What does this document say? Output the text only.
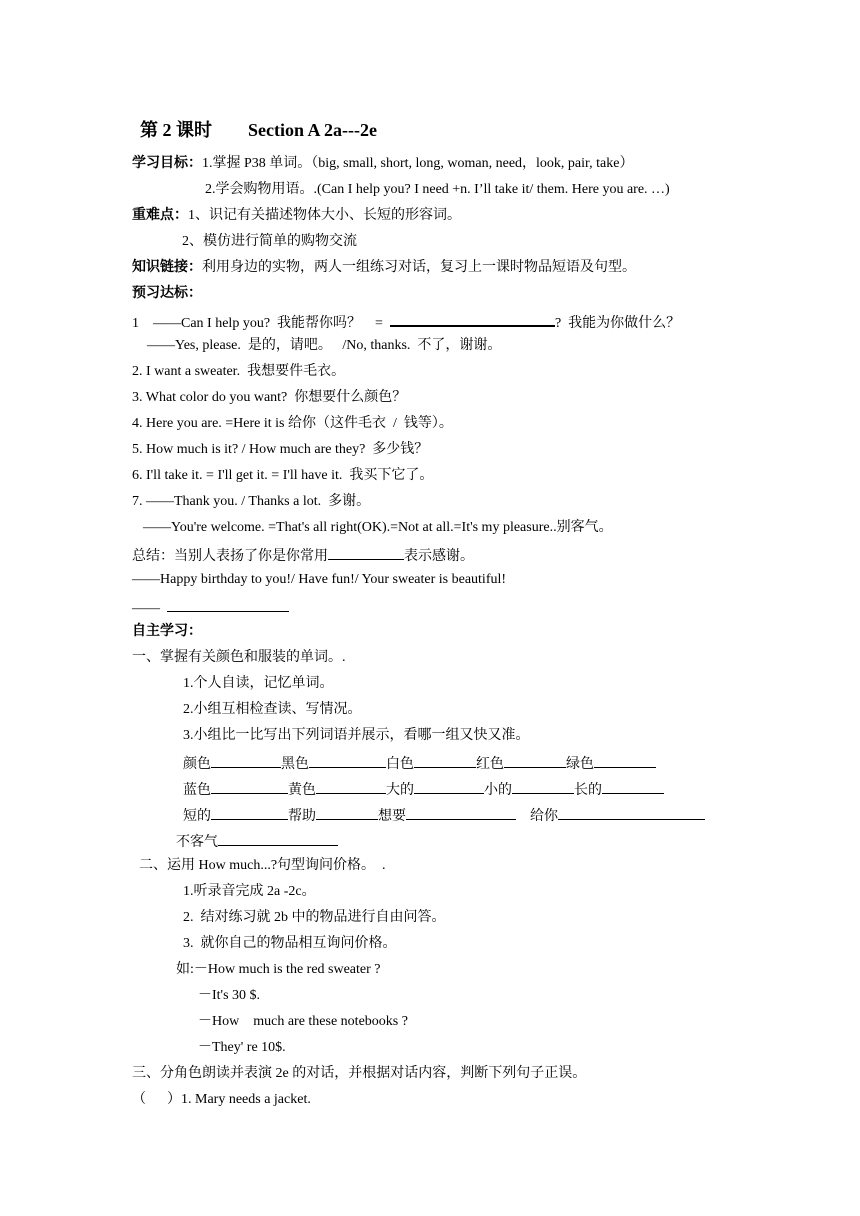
第 2 课时 Section A 2a---2e
学习目标：1.掌握 P38 单词。（big, small, short, long, woman, need，look, pair, take）
2.学会购物用语。.(Can I help you? I need +n. I’ll take it/ them. Here you are. …)
重难点：1、识记有关描述物体大小、长短的形容词。
2、模仿进行简单的购物交流
知识链接：利用身边的实物，两人一组练习对话，复习上一课时物品短语及句型。
预习达标：
1    ——Can I help you?  我能帮你吗？    =	?  我能为你做什么？
——Yes, please.  是的，请吧。   /No, thanks.  不了，谢谢。
2. I want a sweater.  我想要件毛衣。
3. What color do you want?  你想要什么颜色？
4. Here you are. =Here it is 给你（这件毛衣  /  钱等）。
5. How much is it? / How much are they?  多少钱？
6. I'll take it. = I'll get it. = I'll have it.  我买下它了。
7. ——Thank you. / Thanks a lot.  多谢。
——You're welcome. =That's all right(OK).=Not at all.=It's my pleasure..别客气。
总结：当别人表扬了你是你常用	表示感谢。
——Happy birthday to you!/ Have fun!/ Your sweater is beautiful!
——
自主学习：
一、掌握有关颜色和服装的单词。.
1.个人自读，记忆单词。
2.小组互相检查读、写情况。
3.小组比一比写出下列词语并展示，看哪一组又快又准。
颜色	黑色	白色	红色	绿色
蓝色	黄色	大的	小的	长的
短的	帮助	想要	给你
不客气
二、运用 How much...?句型询问价格。  .
1.听录音完成 2a -2c。
2.  结对练习就 2b 中的物品进行自由问答。
3.  就你自己的物品相互询问价格。
如:－How much is the red sweater ?
－It's 30 $.
－How    much are these notebooks ?
－They' re 10$.
三、分角色朗读并表演 2e 的对话，并根据对话内容，判断下列句子正误。
（      ）1. Mary needs a jacket.
